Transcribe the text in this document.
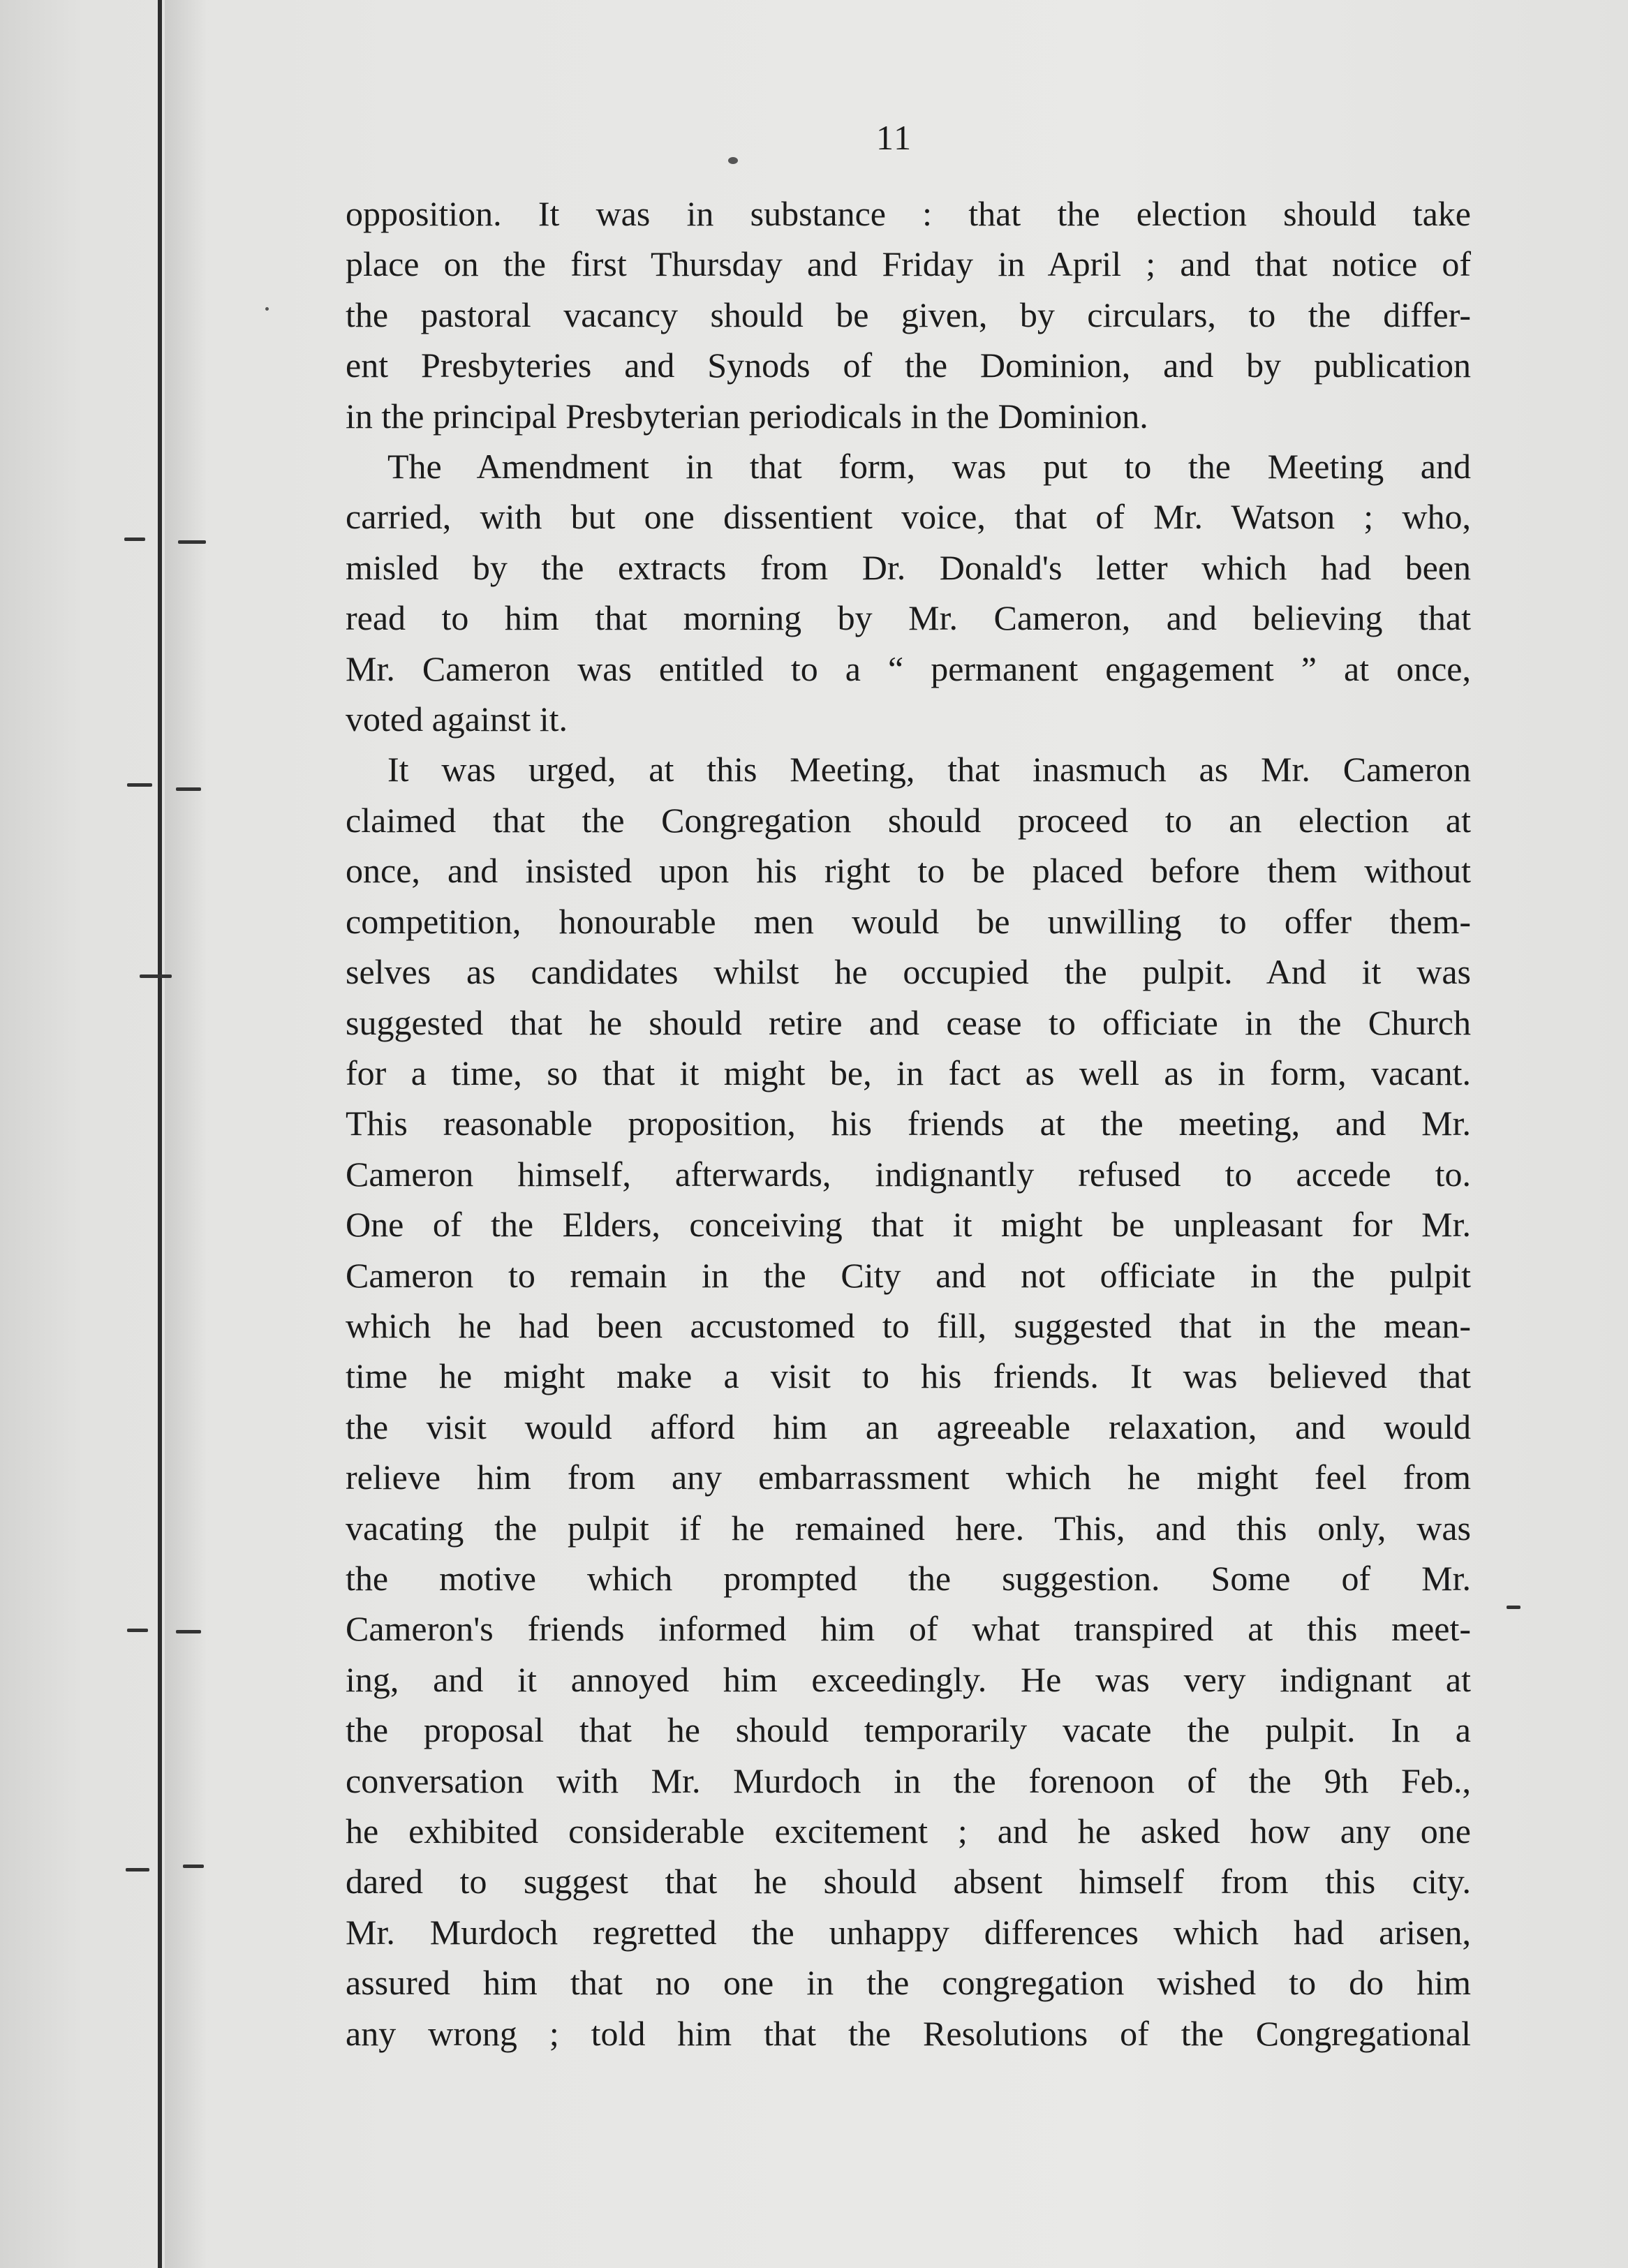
11

opposition. It was in substance : that the election should take

place on the first Thursday and Friday in April ; and that notice of

the pastoral vacancy should be given, by circulars, to the differ-

ent Presbyteries and Synods of the Dominion, and by publication

in the principal Presbyterian periodicals in the Dominion.

The Amendment in that form, was put to the Meeting and

carried, with but one dissentient voice, that of Mr. Watson ; who,

misled by the extracts from Dr. Donald's letter which had been

read to him that morning by Mr. Cameron, and believing that

Mr. Cameron was entitled to a “ permanent engagement ” at once,

voted against it.

It was urged, at this Meeting, that inasmuch as Mr. Cameron

claimed that the Congregation should proceed to an election at

once, and insisted upon his right to be placed before them without

competition, honourable men would be unwilling to offer them-

selves as candidates whilst he occupied the pulpit. And it was

suggested that he should retire and cease to officiate in the Church

for a time, so that it might be, in fact as well as in form, vacant.

This reasonable proposition, his friends at the meeting, and Mr.

Cameron himself, afterwards, indignantly refused to accede to.

One of the Elders, conceiving that it might be unpleasant for Mr.

Cameron to remain in the City and not officiate in the pulpit

which he had been accustomed to fill, suggested that in the mean-

time he might make a visit to his friends. It was believed that

the visit would afford him an agreeable relaxation, and would

relieve him from any embarrassment which he might feel from

vacating the pulpit if he remained here. This, and this only, was

the motive which prompted the suggestion. Some of Mr.

Cameron's friends informed him of what transpired at this meet-

ing, and it annoyed him exceedingly. He was very indignant at

the proposal that he should temporarily vacate the pulpit. In a

conversation with Mr. Murdoch in the forenoon of the 9th Feb.,

he exhibited considerable excitement ; and he asked how any one

dared to suggest that he should absent himself from this city.

Mr. Murdoch regretted the unhappy differences which had arisen,

assured him that no one in the congregation wished to do him

any wrong ; told him that the Resolutions of the Congregational
